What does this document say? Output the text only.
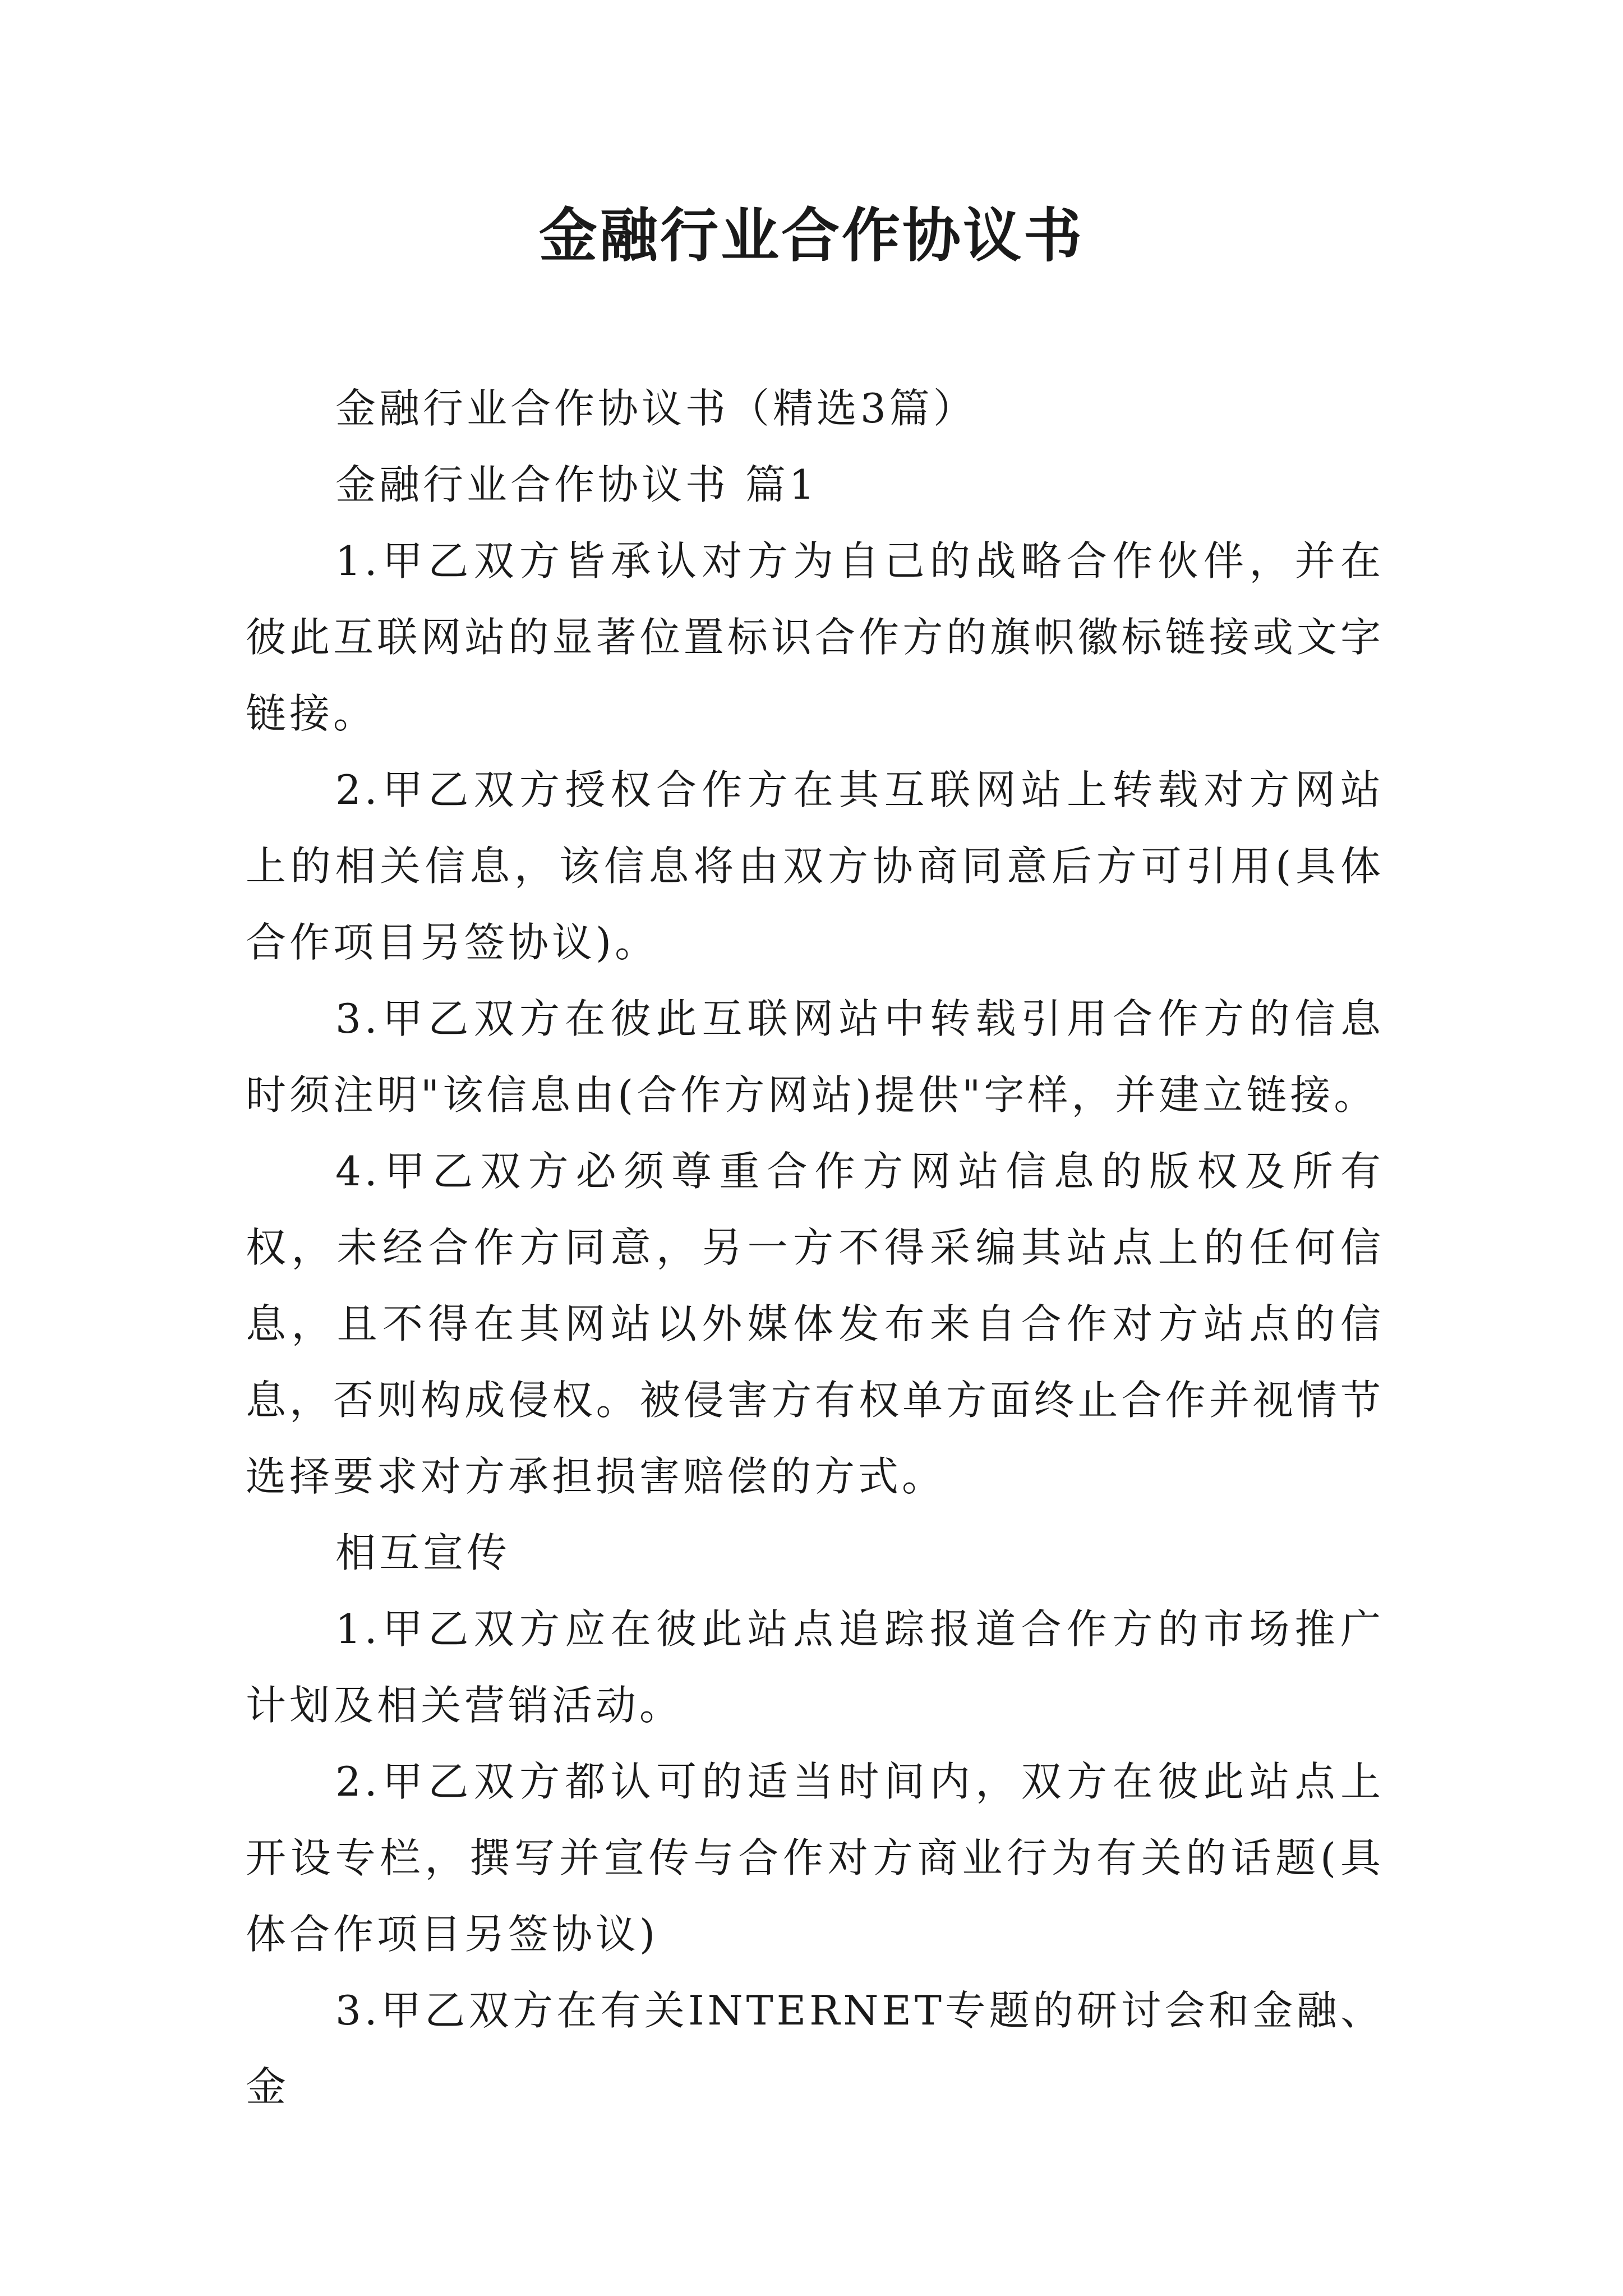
金融行业合作协议书

金融行业合作协议书（精选3篇）

金融行业合作协议书 篇1

1.甲乙双方皆承认对方为自己的战略合作伙伴，并在彼此互联网站的显著位置标识合作方的旗帜徽标链接或文字链接。

2.甲乙双方授权合作方在其互联网站上转载对方网站上的相关信息，该信息将由双方协商同意后方可引用(具体合作项目另签协议)。

3.甲乙双方在彼此互联网站中转载引用合作方的信息时须注明"该信息由(合作方网站)提供"字样，并建立链接。

4.甲乙双方必须尊重合作方网站信息的版权及所有权，未经合作方同意，另一方不得采编其站点上的任何信息，且不得在其网站以外媒体发布来自合作对方站点的信息，否则构成侵权。被侵害方有权单方面终止合作并视情节选择要求对方承担损害赔偿的方式。

相互宣传

1.甲乙双方应在彼此站点追踪报道合作方的市场推广计划及相关营销活动。

2.甲乙双方都认可的适当时间内，双方在彼此站点上开设专栏，撰写并宣传与合作对方商业行为有关的话题(具体合作项目另签协议)

3.甲乙双方在有关INTERNET专题的研讨会和金融、金
